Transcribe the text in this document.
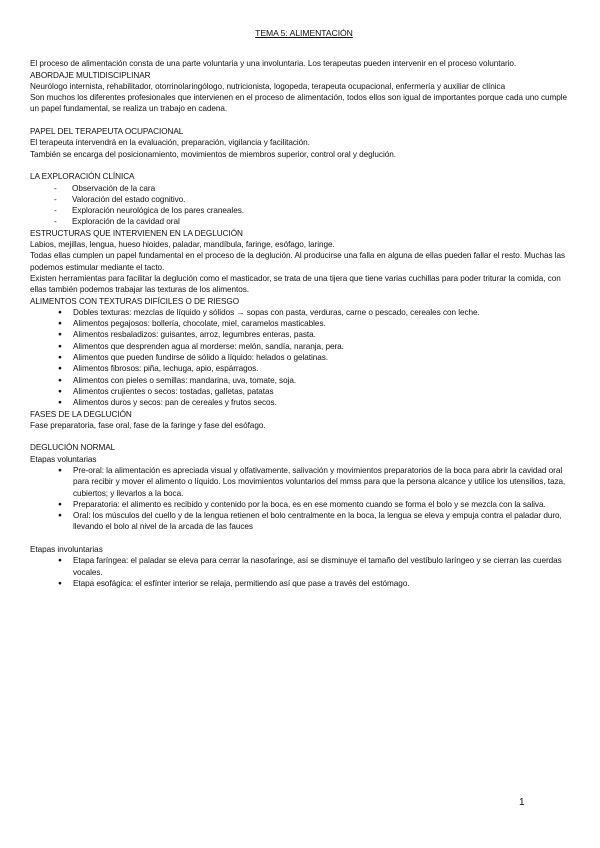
TEMA 5: ALIMENTACIÓN

El proceso de alimentación consta de una parte voluntaria y una involuntaria. Los terapeutas pueden intervenir en el proceso voluntario.

ABORDAJE MULTIDISCIPLINAR

Neurólogo internista, rehabilitador, otorrinolaringólogo, nutricionista, logopeda, terapeuta ocupacional, enfermería y auxiliar de clínica

Son muchos los diferentes profesionales que intervienen en el proceso de alimentación, todos ellos son igual de importantes porque cada uno cumple un papel fundamental, se realiza un trabajo en cadena.

PAPEL DEL TERAPEUTA OCUPACIONAL

El terapeuta intervendrá en la evaluación, preparación, vigilancia y facilitación.

También se encarga del posicionamiento, movimientos de miembros superior, control oral y deglución.

LA EXPLORACIÓN CLÍNICA

- Observación de la cara
- Valoración del estado cognitivo.
- Exploración neurológica de los pares craneales.
- Exploración de la cavidad oral

ESTRUCTURAS QUE INTERVIENEN EN LA DEGLUCIÓN

Labios, mejillas, lengua, hueso hioides, paladar, mandíbula, faringe, esófago, laringe.

Todas ellas cumplen un papel fundamental en el proceso de la deglución. Al producirse una falla en alguna de ellas pueden fallar el resto. Muchas las podemos estimular mediante el tacto.

Existen herramientas para facilitar la deglución como el masticador, se trata de una tijera que tiene varias cuchillas para poder triturar la comida, con ellas también podemos trabajar las texturas de los alimentos.

ALIMENTOS CON TEXTURAS DIFÍCILES O DE RIESGO

● Dobles texturas: mezclas de líquido y sólidos → sopas con pasta, verduras, carne o pescado, cereales con leche.
● Alimentos pegajosos: bollería, chocolate, miel, caramelos masticables.
● Alimentos resbaladizos: guisantes, arroz, legumbres enteras, pasta.
● Alimentos que desprenden agua al morderse: melón, sandía, naranja, pera.
● Alimentos que pueden fundirse de sólido a líquido: helados o gelatinas.
● Alimentos fibrosos: piña, lechuga, apio, espárragos.
● Alimentos con pieles o semillas: mandarina, uva, tomate, soja.
● Alimentos crujientes o secos: tostadas, galletas, patatas
● Alimentos duros y secos: pan de cereales y frutos secos.

FASES DE LA DEGLUCIÓN

Fase preparatoria, fase oral, fase de la faringe y fase del esófago.

DEGLUCIÓN NORMAL

Etapas voluntarias

● Pre-oral: la alimentación es apreciada visual y olfativamente, salivación y movimientos preparatorios de la boca para abrir la cavidad oral para recibir y mover el alimento o líquido. Los movimientos voluntarios del mmss para que la persona alcance y utilice los utensilios, taza, cubiertos; y llevarlos a la boca.
● Preparatoria: el alimento es recibido y contenido por la boca, es en ese momento cuando se forma el bolo y se mezcla con la saliva.
● Oral: los músculos del cuello y de la lengua retienen el bolo centralmente en la boca, la lengua se eleva y empuja contra el paladar duro, llevando el bolo al nivel de la arcada de las fauces

Etapas involuntarias

● Etapa faríngea: el paladar se eleva para cerrar la nasofaringe, así se disminuye el tamaño del vestíbulo laríngeo y se cierran las cuerdas vocales.
● Etapa esofágica: el esfínter interior se relaja, permitiendo así que pase a través del estómago.
1
